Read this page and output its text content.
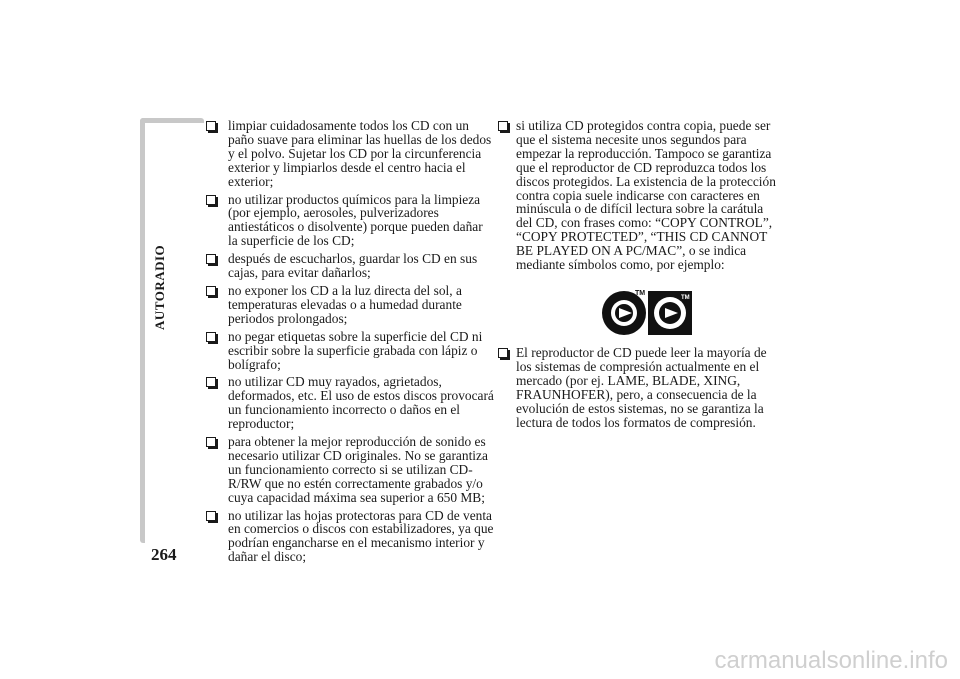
AUTORADIO
264
limpiar cuidadosamente todos los CD con un paño suave para eliminar las huellas de los dedos y el polvo. Sujetar los CD por la circunferencia exterior y limpiarlos desde el centro hacia el exterior;
no utilizar productos químicos para la limpieza (por ejemplo, aerosoles, pulverizadores antiestáticos o disolvente) porque pueden dañar la superficie de los CD;
después de escucharlos, guardar los CD en sus cajas, para evitar dañarlos;
no exponer los CD a la luz directa del sol, a temperaturas elevadas o a humedad durante periodos prolongados;
no pegar etiquetas sobre la superficie del CD ni escribir sobre la superficie grabada con lápiz o bolígrafo;
no utilizar CD muy rayados, agrietados, deformados, etc. El uso de estos discos provocará un funcionamiento incorrecto o daños en el reproductor;
para obtener la mejor reproducción de sonido es necesario utilizar CD originales. No se garantiza un funcionamiento correcto si se utilizan CD-R/RW que no estén correctamente grabados y/o cuya capacidad máxima sea superior a 650 MB;
no utilizar las hojas protectoras para CD de venta en comercios o discos con estabilizadores, ya que podrían engancharse en el mecanismo interior y dañar el disco;
si utiliza CD protegidos contra copia, puede ser que el sistema necesite unos segundos para empezar la reproducción. Tampoco se garantiza que el reproductor de CD reproduzca todos los discos protegidos. La existencia de la protección contra copia suele indicarse con caracteres en minúscula o de difícil lectura sobre la carátula del CD, con frases como: “COPY CONTROL”, “COPY PROTECTED”, “THIS CD CANNOT BE PLAYED ON A PC/MAC”, o se indica mediante símbolos como, por ejemplo:
TM
TM
El reproductor de CD puede leer la mayoría de los sistemas de compresión actualmente en el mercado (por ej. LAME, BLADE, XING, FRAUNHOFER), pero, a consecuencia de la evolución de estos sistemas, no se garantiza la lectura de todos los formatos de compresión.
carmanualsonline.info
